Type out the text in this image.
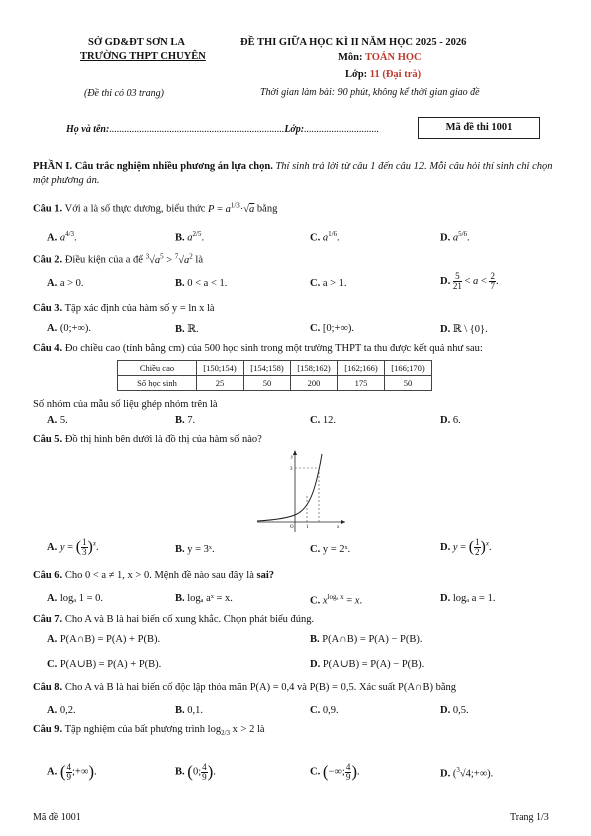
SỞ GD&ĐT SƠN LA
TRƯỜNG THPT CHUYÊN
(Đề thi có 03 trang)
ĐỀ THI GIỮA HỌC KÌ II NĂM HỌC 2025 - 2026
Môn: TOÁN HỌC
Lớp: 11 (Đại trà)
Thời gian làm bài: 90 phút, không kể thời gian giao đề
Họ và tên:......................................................................Lớp:..............................	Mã đề thi 1001
PHẦN I. Câu trắc nghiệm nhiều phương án lựa chọn. Thí sinh trả lời từ câu 1 đến câu 12. Mỗi câu hỏi thí sinh chỉ chọn một phương án.
Câu 1. Với a là số thực dương, biểu thức $P = a^{1/3}\cdot√a$ bằng
A. $a^{4/3}$.	B. $a^{2/5}$.	C. $a^{1/6}$.	D. $a^{5/6}$.
Câu 2. Điều kiện của a để $^3√a^5 > ^7√a^2$ là
A. a > 0.	B. 0 < a < 1.	C. a > 1.	D. $\frac{5}{21} < a < \frac{2}{7}$ .
Câu 3. Tập xác định của hàm số y = ln x là
A. (0;+∞).	B. ℝ.	C. [0;+∞).	D. ℝ \ {0}.
Câu 4. Đo chiều cao (tính bằng cm) của 500 học sinh trong một trường THPT ta thu được kết quả như sau:
Chiều cao	[150;154)	[154;158)	[158;162)	[162;166)	[166;170)
Số học sinh	25	50	200	175	50
Số nhóm của mẫu số liệu ghép nhóm trên là
A. 5.	B. 7.	C. 12.	D. 6.
Câu 5. Đồ thị hình bên dưới là đồ thị của hàm số nào?
y
3
O 1	x
A. y = ( $\frac{1}{3} )^x$.	B. y = 3ˣ.	C. y = 2ˣ.	D. y = ( $\frac{1}{2} )^x$.
Câu 6. Cho 0 < a ≠ 1, x > 0. Mệnh đề nào sau đây là sai?
A. logₐ 1 = 0.	B. logₐ aˣ = x.	C. $x^{log_a x} = x$.	D. logₐ a = 1.
Câu 7. Cho A và B là hai biến cố xung khắc. Chọn phát biểu đúng.
A. P(A∩B) = P(A) + P(B).	B. P(A∩B) = P(A) − P(B).
C. P(A∪B) = P(A) + P(B).	D. P(A∪B) = P(A) − P(B).
Câu 8. Cho A và B là hai biến cố độc lập thỏa mãn P(A) = 0,4 và P(B) = 0,5. Xác suất P(A∩B) bằng
A. 0,2.	B. 0,1.	C. 0,9.	D. 0,5.
Câu 9. Tập nghiệm của bất phương trình $\log_{2/3} x > 2$ là
A. ( $\frac{4}{9}$ ;+∞).	B. (0; $\frac{4}{9}$ ).	C. (−∞; $\frac{4}{9}$ ).	D. ($^3$√4;+∞).
Mã đề 1001	Trang 1/3
